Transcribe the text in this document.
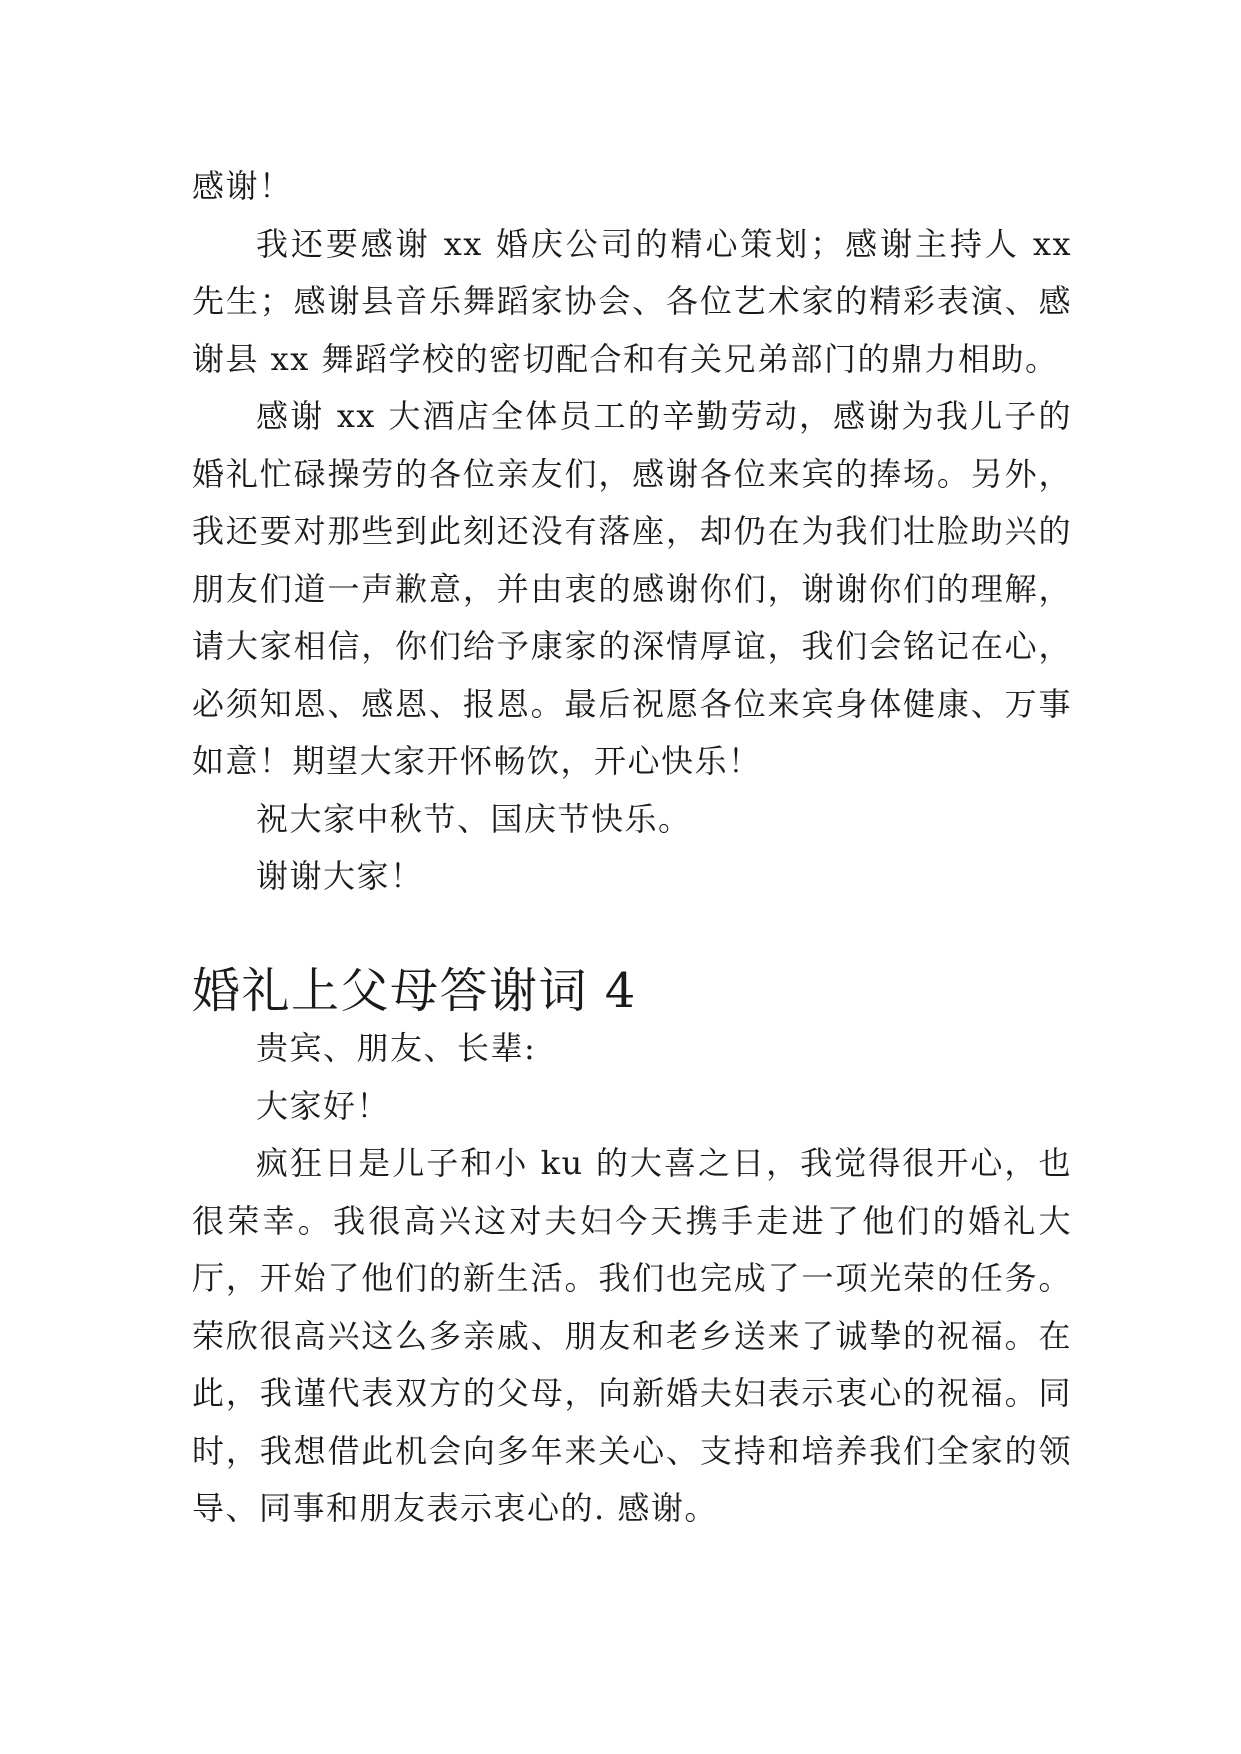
感谢！

我还要感谢 xx 婚庆公司的精心策划；感谢主持人 xx 先生；感谢县音乐舞蹈家协会、各位艺术家的精彩表演、感谢县 xx 舞蹈学校的密切配合和有关兄弟部门的鼎力相助。

感谢 xx 大酒店全体员工的辛勤劳动，感谢为我儿子的婚礼忙碌操劳的各位亲友们，感谢各位来宾的捧场。另外，我还要对那些到此刻还没有落座，却仍在为我们壮脸助兴的朋友们道一声歉意，并由衷的感谢你们，谢谢你们的理解，请大家相信，你们给予康家的深情厚谊，我们会铭记在心，必须知恩、感恩、报恩。最后祝愿各位来宾身体健康、万事如意！期望大家开怀畅饮，开心快乐！

祝大家中秋节、国庆节快乐。

谢谢大家！

婚礼上父母答谢词 4

贵宾、朋友、长辈:

大家好！

疯狂日是儿子和小 ku 的大喜之日，我觉得很开心，也很荣幸。我很高兴这对夫妇今天携手走进了他们的婚礼大厅，开始了他们的新生活。我们也完成了一项光荣的任务。荣欣很高兴这么多亲戚、朋友和老乡送来了诚挚的祝福。在此，我谨代表双方的父母，向新婚夫妇表示衷心的祝福。同时，我想借此机会向多年来关心、支持和培养我们全家的领导、同事和朋友表示衷心的. 感谢。
